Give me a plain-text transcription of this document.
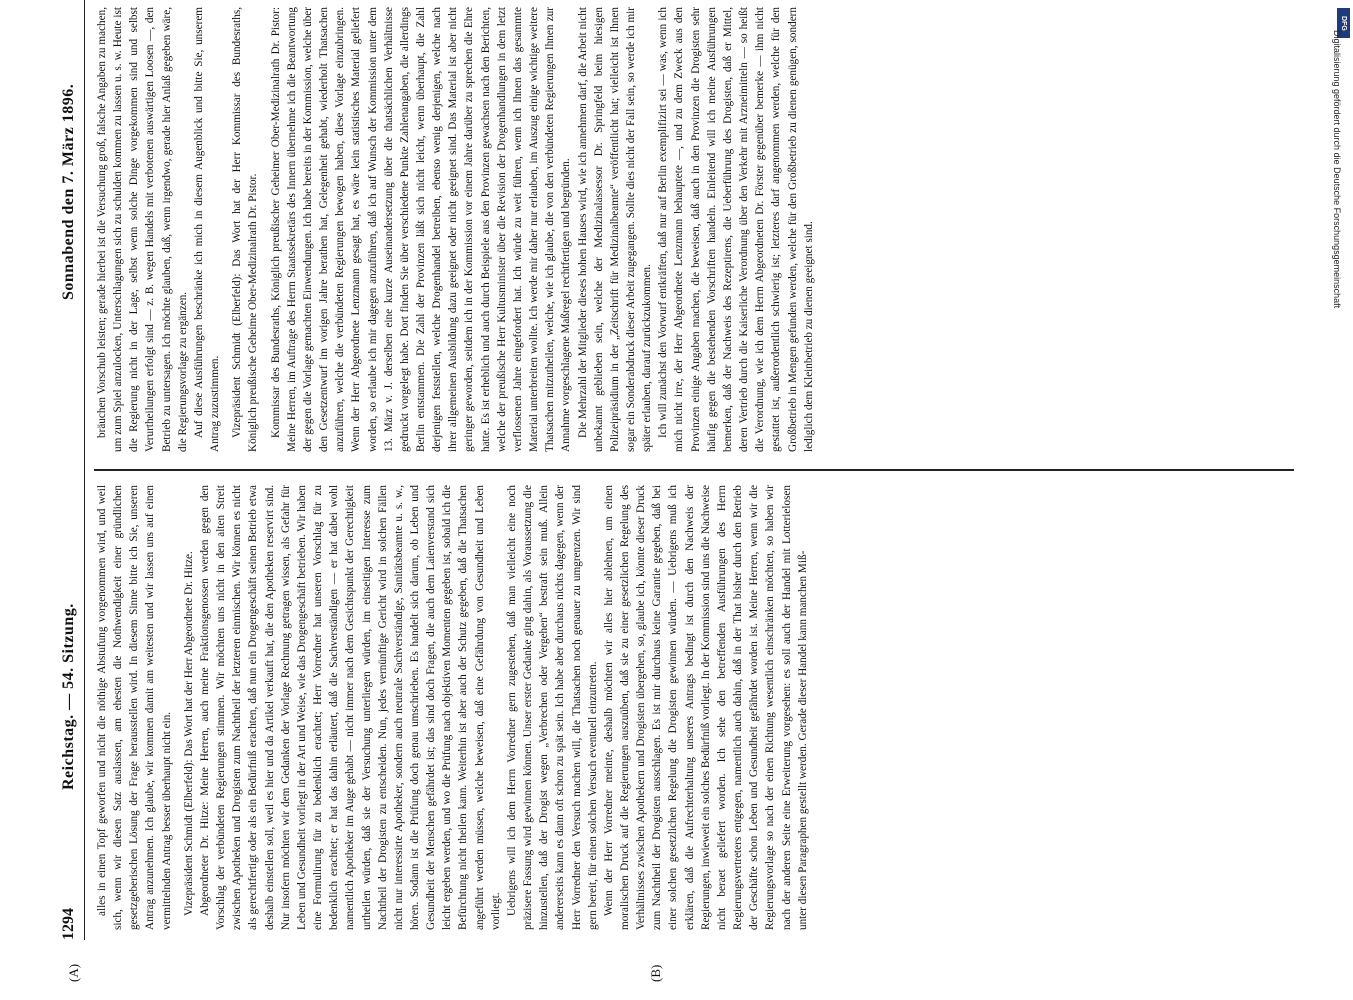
1294
Reichstag. — 54. Sitzung.
Sonnabend den 7. März 1896.
(A)	(B)

alles in einen Topf geworfen und nicht die nöthige Abstufung vorgenommen wird, und weil sich, wenn wir diesen Satz auslassen, am ehesten die Nothwendigkeit einer gründlichen gesetzgeberischen Lösung der Frage herausstellen wird. In diesem Sinne bitte ich Sie, unseren Antrag anzunehmen. Ich glaube, wir kommen damit am weitesten und wir lassen uns auf einen vermittelnden Antrag besser überhaupt nicht ein. Vizepräsident Schmidt (Elberfeld): Das Wort hat der Herr Abgeordnete Dr. Hitze. Abgeordneter Dr. Hitze: Meine Herren, auch meine Fraktionsgenossen werden gegen den Vorschlag der verbündeten Regierungen stimmen. Wir möchten uns nicht in den alten Streit zwischen Apotheken und Drogisten zum Nachtheil der letzteren einmischen. Wir können es nicht als gerechtfertigt oder als ein Bedürfniß erachten, daß nun ein Drogengeschäft seinen Betrieb etwa deshalb einstellen soll, weil es hier und da Artikel verkauft hat, die den Apotheken reservirt sind. Nur insofern möchten wir dem Gedanken der Vorlage Rechnung getragen wissen, als Gefahr für Leben und Gesundheit vorliegt in der Art und Weise, wie das Drogengeschäft betrieben. Wir haben eine Formulirung für zu bedenklich erachtet; Herr Vorredner hat unseren Vorschlag für zu bedenklich erachtet; er hat das dahin erläutert, daß die Sachverständigen — er hat dabei wohl namentlich Apotheker im Auge gehabt — nicht immer nach dem Gesichtspunkt der Gerechtigkeit urtheilen würden, daß sie der Versuchung unterliegen würden, im einseitigen Interesse zum Nachtheil der Drogisten zu entscheiden. Nun, jedes vernünftige Gericht wird in solchen Fällen nicht nur interessirte Apotheker, sondern auch neutrale Sachverständige, Sanitätsbeamte u. s. w., hören. Sodann ist die Prüfung doch genau umschrieben. Es handelt sich darum, ob Leben und Gesundheit der Menschen gefährdet ist; das sind doch Fragen, die auch dem Laienverstand sich leicht ergeben werden, und wo die Prüfung nach objektiven Momenten gegeben ist, sobald ich die Befürchtung nicht theilen kann. Weiterhin ist aber auch der Schutz gegeben, daß die Thatsachen angeführt werden müssen, welche beweisen, daß eine Gefährdung von Gesundheit und Leben vorliegt. Uebrigens will ich dem Herrn Vorredner gern zugestehen, daß man vielleicht eine noch präzisere Fassung wird gewinnen können. Unser erster Gedanke ging dahin, als Voraussetzung die hinzustellen, daß der Drogist wegen „Verbrechen oder Vergehen“ bestraft sein muß. Allein andererseits kann es dann oft schon zu spät sein. Ich habe aber durchaus nichts dagegen, wenn der Herr Vorredner den Versuch machen will, die Thatsachen noch genauer zu umgrenzen. Wir sind gern bereit, für einen solchen Versuch eventuell einzutreten. Wenn der Herr Vorredner meinte, deshalb möchten wir alles hier ablehnen, um einen moralischen Druck auf die Regierungen auszuüben, daß sie zu einer gesetzlichen Regelung des Verhältnisses zwischen Apothekern und Drogisten übergehen, so, glaube ich, könnte dieser Druck zum Nachtheil der Drogisten ausschlagen. Es ist mir durchaus keine Garantie gegeben, daß bei einer solchen gesetzlichen Regelung die Drogisten gewinnen würden. — Uebrigens muß ich erklären, daß die Aufrechterhaltung unseres Antrags bedingt ist durch den Nachweis der Regierungen, inwieweit ein solches Bedürfniß vorliegt. In der Kommission sind uns die Nachweise nicht beraet geliefert worden. Ich sehe den betreffenden Ausführungen des Herrn Regierungsvertreters entgegen, namentlich auch dahin, daß in der That bisher durch den Betrieb der Geschäfte schon Leben und Gesundheit gefährdet worden ist. Meine Herren, wenn wir die Regierungsvorlage so nach der einen Richtung wesentlich einschränken möchten, so haben wir nach der anderen Seite eine Erweiterung vorgesehen: es soll auch der Handel mit Lotterielosen unter diesen Paragraphen gestellt werden. Gerade dieser Handel kann manchen Miß-

bräuchen Vorschub leisten; gerade hierbei ist die Versuchung groß, falsche Angaben zu machen, um zum Spiel anzulocken, Unterschlagungen sich zu schulden kommen zu lassen u. s. w. Heute ist die Regierung nicht in der Lage, selbst wenn solche Dinge vorgekommen sind und selbst Verurtheilungen erfolgt sind — z. B. wegen Handels mit verbotenen auswärtigen Loosen —, den Betrieb zu untersagen. Ich möchte glauben, daß, wenn irgendwo, gerade hier Anlaß gegeben wäre, die Regierungsvorlage zu ergänzen. Auf diese Ausführungen beschränke ich mich in diesem Augenblick und bitte Sie, unserem Antrag zuzustimmen. Vizepräsident Schmidt (Elberfeld): Das Wort hat der Herr Kommissar des Bundesraths, Königlich preußische Geheime Ober-Medizinalrath Dr. Pistor. Kommissar des Bundesraths, Königlich preußischer Geheimer Ober-Medizinalrath Dr. Pistor: Meine Herren, im Auftrage des Herrn Staatssekretärs des Innern übernehme ich die Beantwortung der gegen die Vorlage gemachten Einwendungen. Ich habe bereits in der Kommission, welche über den Gesetzentwurf im vorigen Jahre berathen hat, Gelegenheit gehabt, wiederholt Thatsachen anzuführen, welche die verbündeten Regierungen bewogen haben, diese Vorlage einzubringen. Wenn der Herr Abgeordnete Lenzmann gesagt hat, es wäre kein statistisches Material geliefert worden, so erlaube ich mir dagegen anzuführen, daß ich auf Wunsch der Kommission unter dem 13. März v. J. derselben eine kurze Auseinandersetzung über die thatsächlichen Verhältnisse gedruckt vorgelegt habe. Dort finden Sie über verschiedene Punkte Zahlenangaben, die allerdings Berlin entstammen. Die Zahl der Provinzen läßt sich nicht leicht, wenn überhaupt, die Zahl derjenigen feststellen, welche Drogenhandel betreiben, ebenso wenig derjenigen, welche nach ihrer allgemeinen Ausbildung dazu geeignet oder nicht geeignet sind. Das Material ist aber nicht geringer geworden, seitdem ich in der Kommission vor einem Jahre darüber zu sprechen die Ehre hatte. Es ist erheblich und auch durch Beispiele aus den Provinzen gewachsen nach den Berichten, welche der preußische Herr Kultusminister über die Revision der Drogenhandlungen in dem letzt verflossenen Jahre eingefordert hat. Ich würde zu weit führen, wenn ich Ihnen das gesammte Material unterbreiten wollte. Ich werde mir daher nur erlauben, im Auszug einige wichtige weitere Thatsachen mitzutheilen, welche, wie ich glaube, die von den verbündeten Regierungen Ihnen zur Annahme vorgeschlagene Maßregel rechtfertigen und begründen. Die Mehrzahl der Mitglieder dieses hohen Hauses wird, wie ich annehmen darf, die Arbeit nicht unbekannt geblieben sein, welche der Medizinalassessor Dr. Springfeld beim hiesigen Polizeipräsidium in der „Zeitschrift für Medizinalbeamte“ veröffentlicht hat; vielleicht ist Ihnen sogar ein Sonderabdruck dieser Arbeit zugegangen. Sollte dies nicht der Fall sein, so werde ich mir später erlauben, darauf zurückzukommen. Ich will zunächst den Vorwurf entkräften, daß nur auf Berlin exemplifizirt sei — was, wenn ich mich nicht irre, der Herr Abgeordnete Lenzmann behauptete —, und zu dem Zweck aus den Provinzen einige Angaben machen, die beweisen, daß auch in den Provinzen die Drogisten sehr häufig gegen die bestehenden Vorschriften handeln. Einleitend will ich meine Ausführungen bemerken, daß der Nachweis des Rezeptirens, die Ueberführung des Drogisten, daß er Mittel, deren Vertrieb durch die Kaiserliche Verordnung über den Verkehr mit Arzneimitteln — so heißt die Verordnung, wie ich dem Herrn Abgeordneten Dr. Förster gegenüber bemerke — ihm nicht gestattet ist, außerordentlich schwierig ist; letzteres darf angenommen werden, welche für den Großbetrieb in Mengen gefunden werden, welche für den Großbetrieb zu dienen genügen, sondern lediglich dem Kleinbetrieb zu dienen geeignet sind.

DFG
Digitalisierung gefördert durch die Deutsche Forschungsgemeinschaft
